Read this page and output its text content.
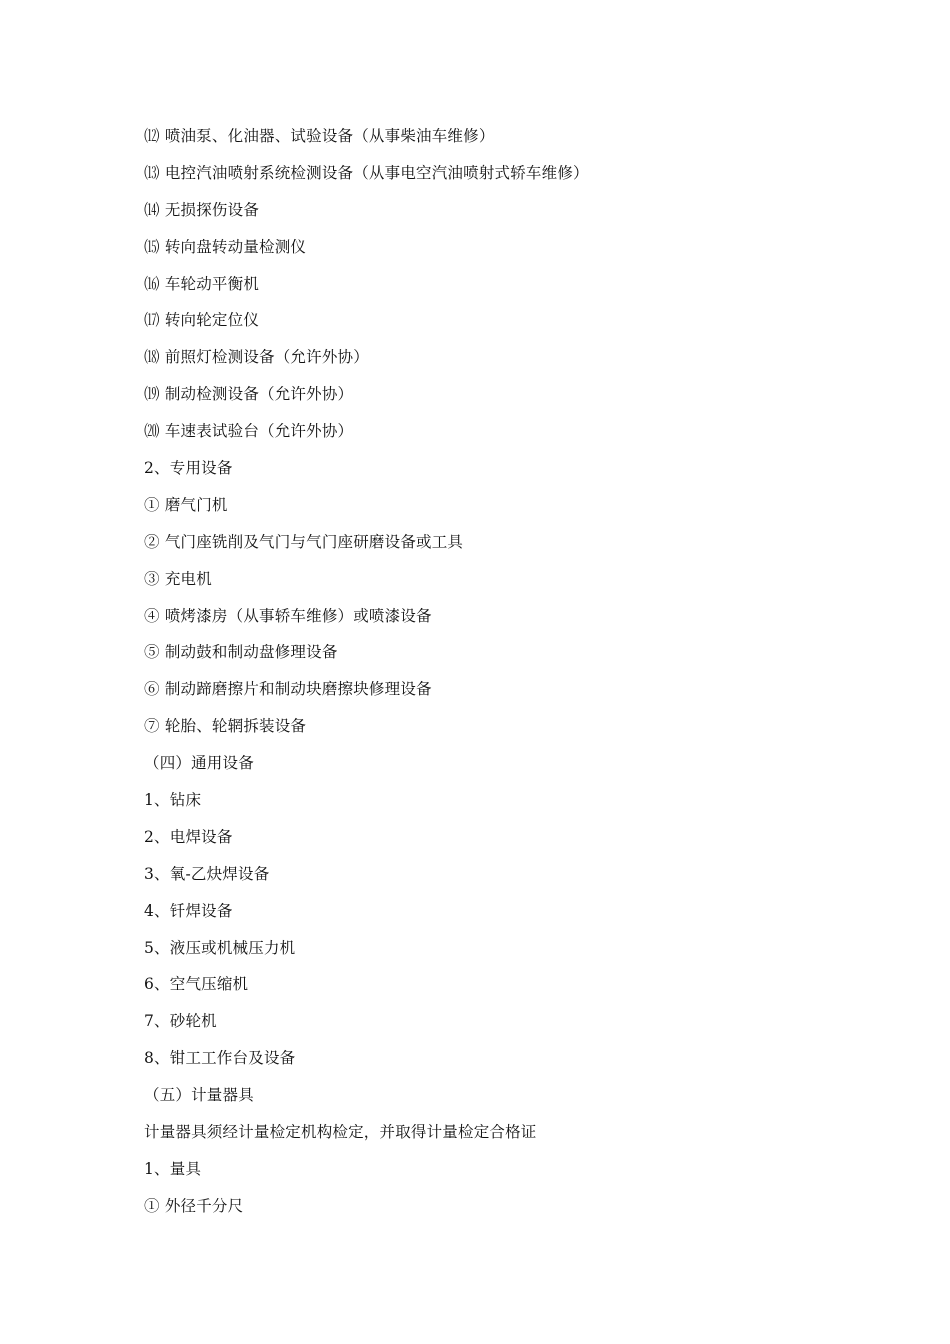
⑿ 喷油泵、化油器、试验设备（从事柴油车维修）
⒀ 电控汽油喷射系统检测设备（从事电空汽油喷射式轿车维修）
⒁ 无损探伤设备
⒂ 转向盘转动量检测仪
⒃ 车轮动平衡机
⒄ 转向轮定位仪
⒅ 前照灯检测设备（允许外协）
⒆ 制动检测设备（允许外协）
⒇ 车速表试验台（允许外协）
2、专用设备
① 磨气门机
② 气门座铣削及气门与气门座研磨设备或工具
③ 充电机
④ 喷烤漆房（从事轿车维修）或喷漆设备
⑤ 制动鼓和制动盘修理设备
⑥ 制动蹄磨擦片和制动块磨擦块修理设备
⑦ 轮胎、轮辋拆装设备
（四）通用设备
1、钻床
2、电焊设备
3、氧-乙炔焊设备
4、钎焊设备
5、液压或机械压力机
6、空气压缩机
7、砂轮机
8、钳工工作台及设备
（五）计量器具
计量器具须经计量检定机构检定，并取得计量检定合格证
1、量具
① 外径千分尺
